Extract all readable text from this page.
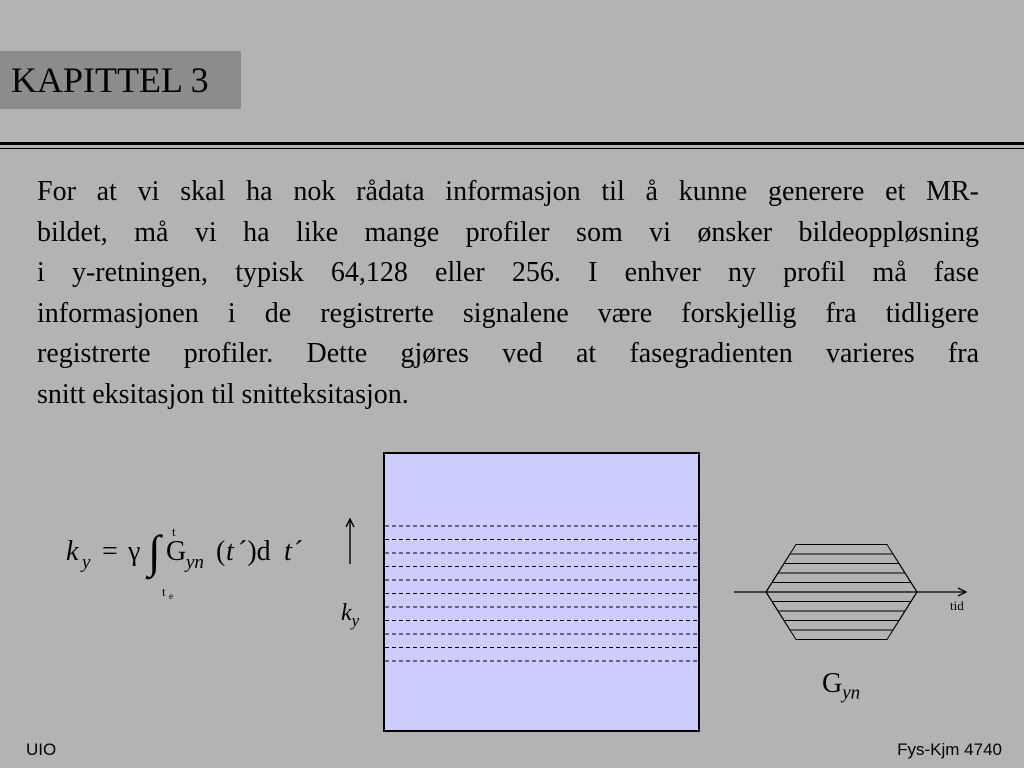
KAPITTEL 3
For at vi skal ha nok rådata informasjon til å kunne generere et MR-
bildet, må vi ha like mange profiler som vi ønsker bildeoppløsning
i y-retningen, typisk 64,128 eller 256. I enhver ny profil må fase
informasjonen i de registrerte signalene være forskjellig fra tidligere
registrerte profiler. Dette gjøres ved at fasegradienten varieres fra
snitt eksitasjon til snitteksitasjon.
k y = γ ∫ t
t e
G yn ( t ´)d t ´
$k_y$
tid
$G_{yn}$
UIO	Fys-Kjm 4740
